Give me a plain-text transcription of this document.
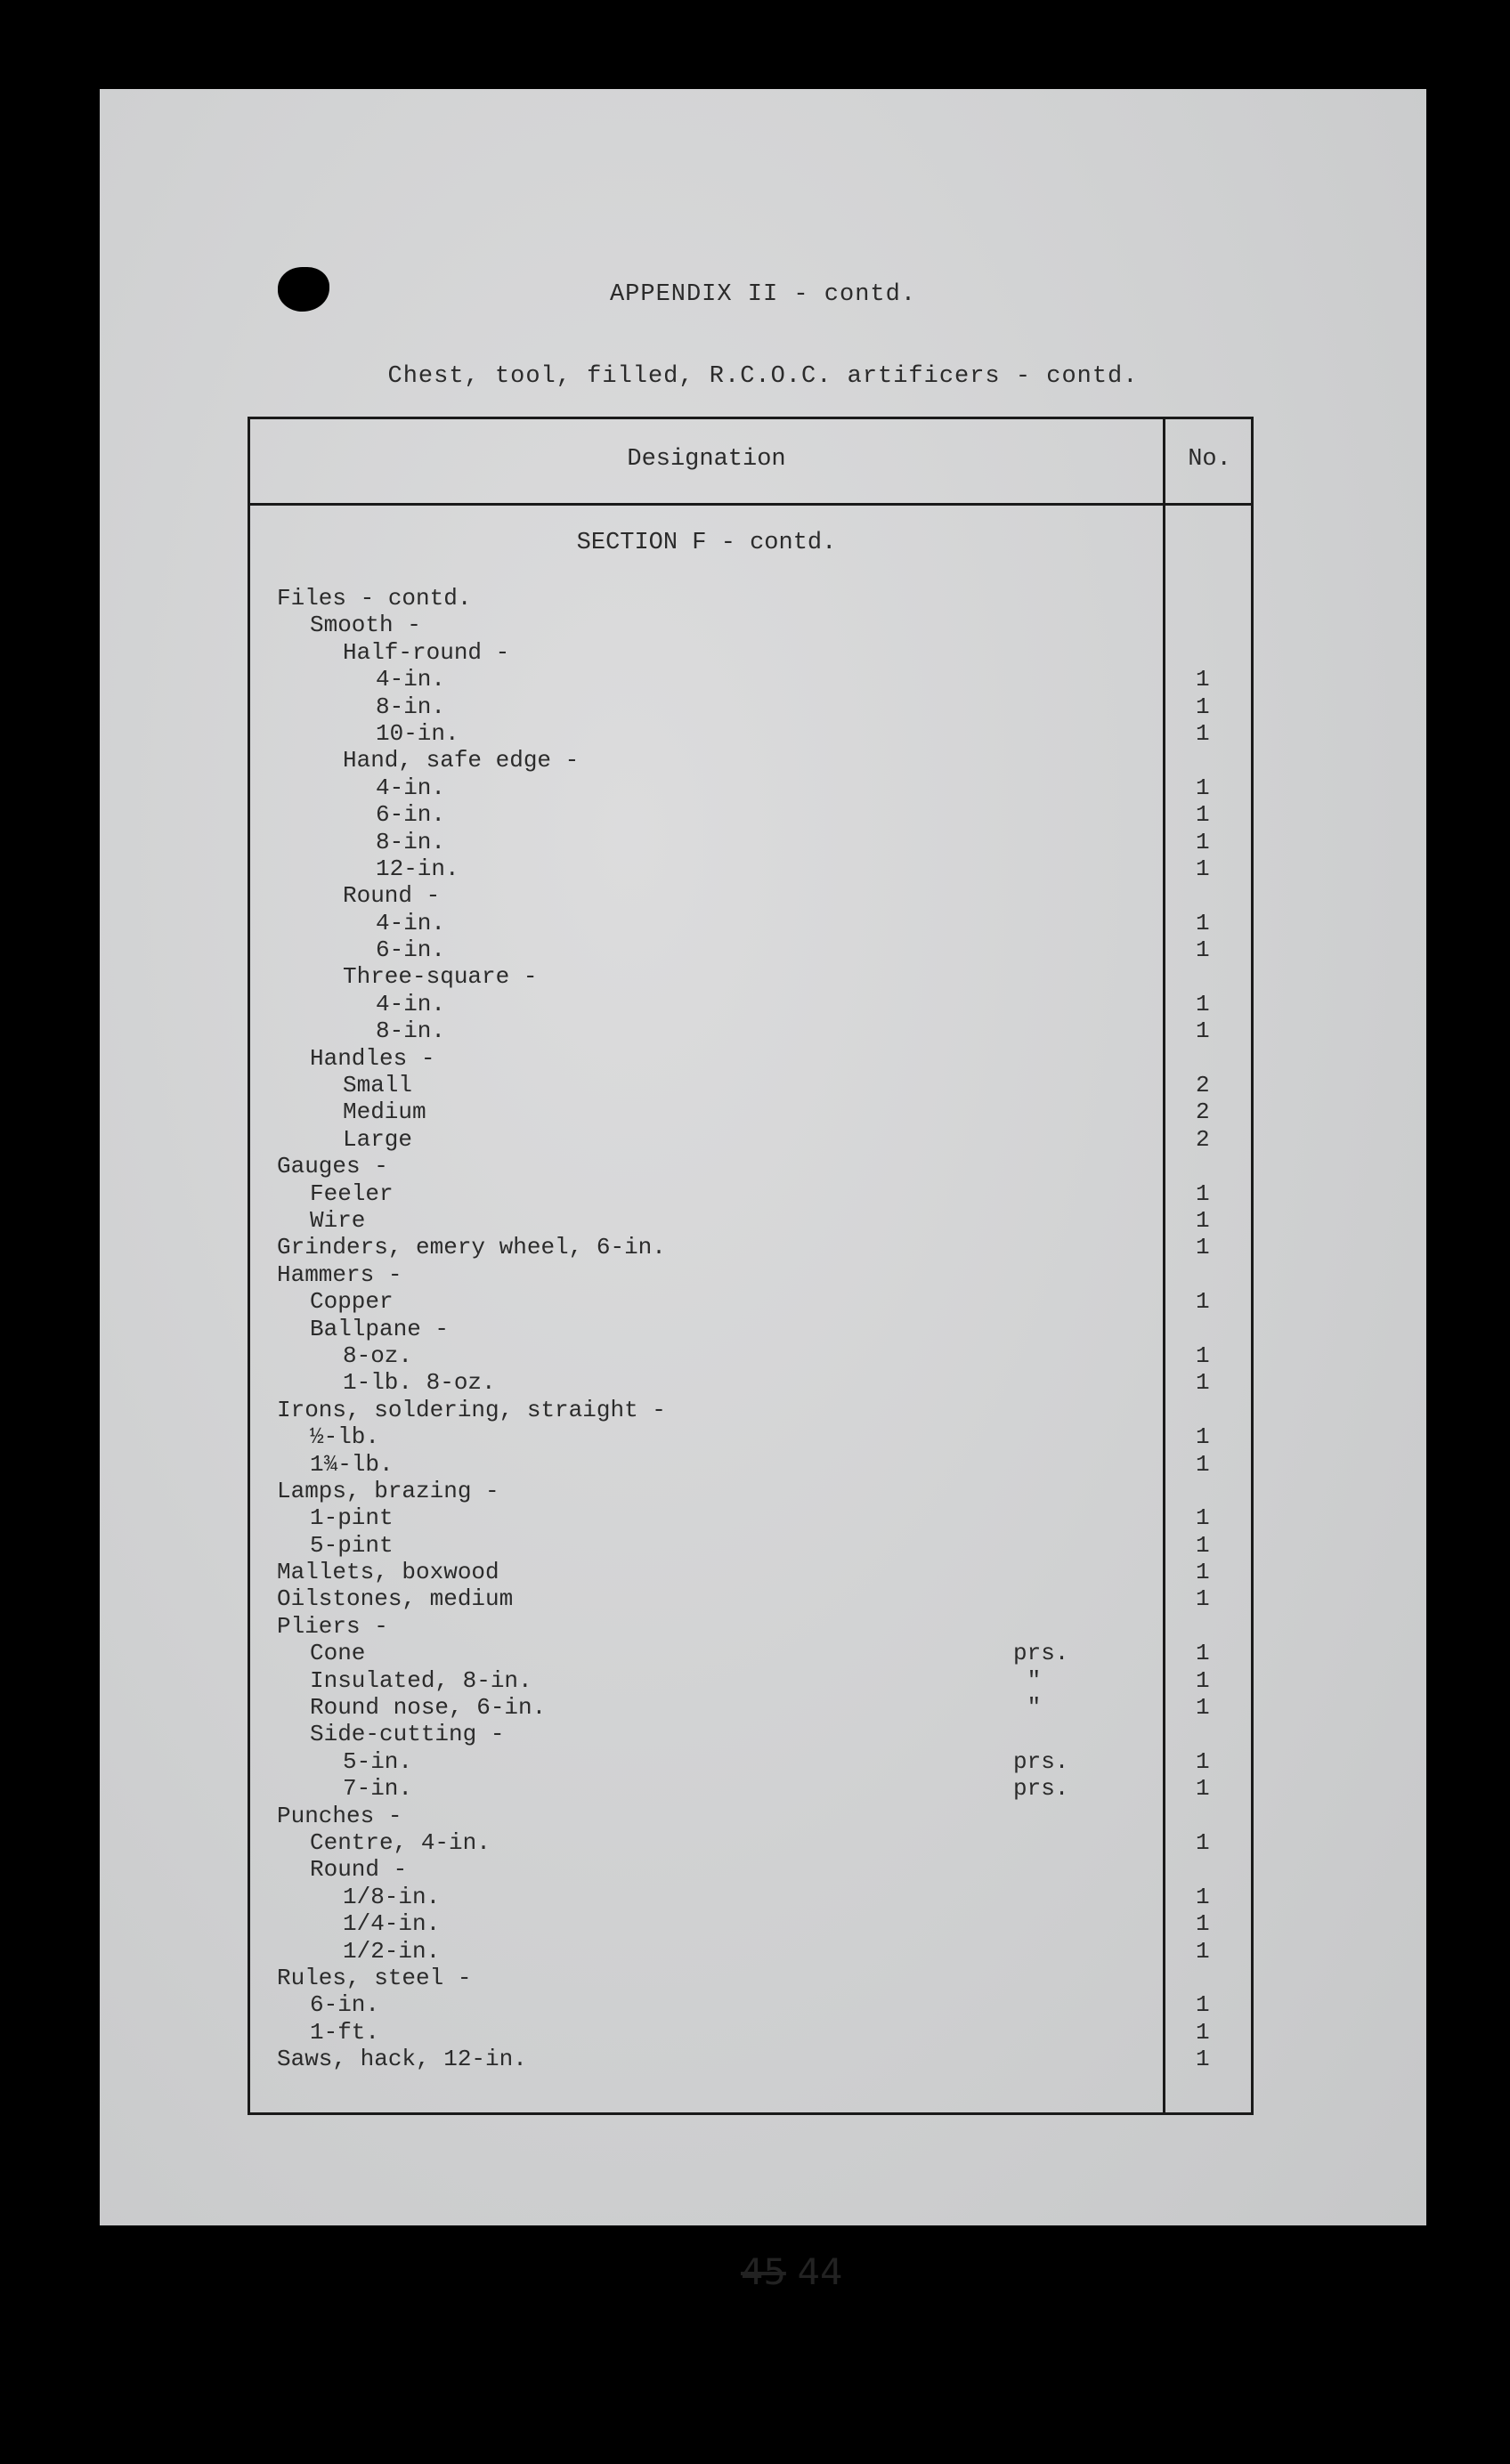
APPENDIX II - contd.
Chest, tool, filled, R.C.O.C. artificers - contd.
Designation	No.
SECTION F - contd.
Files - contd.
Smooth -
Half-round -
4-in.	1
8-in.	1
10-in.	1
Hand, safe edge -
4-in.	1
6-in.	1
8-in.	1
12-in.	1
Round -
4-in.	1
6-in.	1
Three-square -
4-in.	1
8-in.	1
Handles -
Small	2
Medium	2
Large	2
Gauges -
Feeler	1
Wire	1
Grinders, emery wheel, 6-in.	1
Hammers -
Copper	1
Ballpane -
8-oz.	1
1-lb. 8-oz.	1
Irons, soldering, straight -
½-lb.	1
1¾-lb.	1
Lamps, brazing -
1-pint	1
5-pint	1
Mallets, boxwood	1
Oilstones, medium	1
Pliers -
Cone	prs.	1
Insulated, 8-in.	"	1
Round nose, 6-in.	"	1
Side-cutting -
5-in.	prs.	1
7-in.	prs.	1
Punches -
Centre, 4-in.	1
Round -
1/8-in.	1
1/4-in.	1
1/2-in.	1
Rules, steel -
6-in.	1
1-ft.	1
Saws, hack, 12-in.	1
45 44
